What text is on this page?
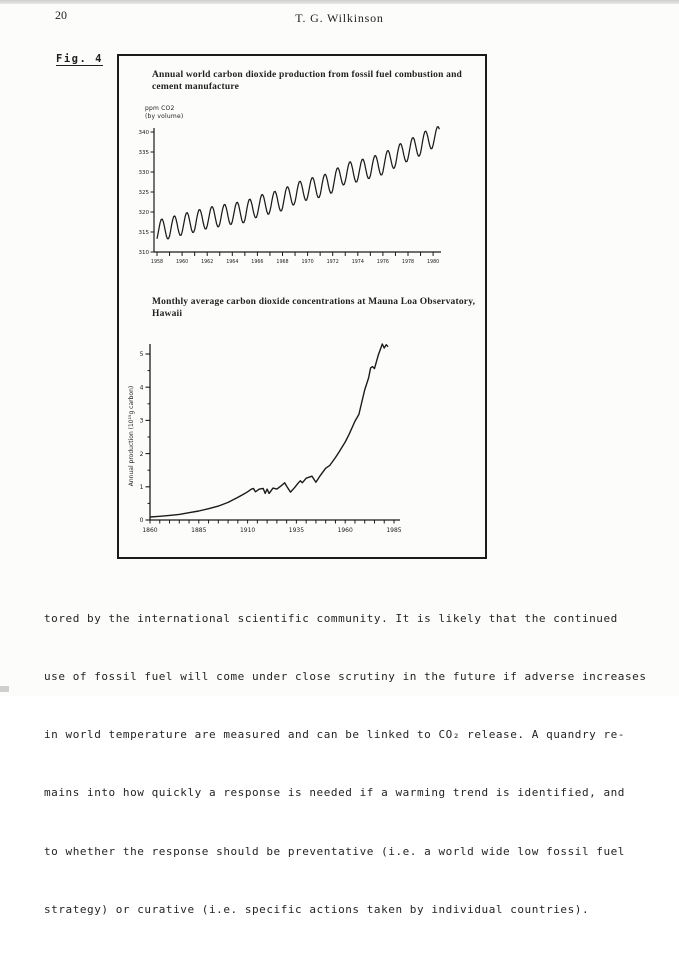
20	T. G. Wilkinson
Fig. 4
Annual world carbon dioxide production from fossil fuel combustion and cement manufacture
ppm CO2
(by volume)
310
315
320
325
330
335
340
1958	1960	1962	1964	1966	1968	1970	1972	1974	1976	1978	1980
Monthly average carbon dioxide concentrations at Mauna Loa Observatory, Hawaii
0
1
2
3
4
5
1860	1885	1910	1935	1960	1985
Annual production (10¹⁵g carbon)

tored by the international scientific community. It is likely that the continued

use of fossil fuel will come under close scrutiny in the future if adverse increases

in world temperature are measured and can be linked to CO₂ release. A quandry re-

mains into how quickly a response is needed if a warming trend is identified, and

to whether the response should be preventative (i.e. a world wide low fossil fuel

strategy) or curative (i.e. specific actions taken by individual countries).
